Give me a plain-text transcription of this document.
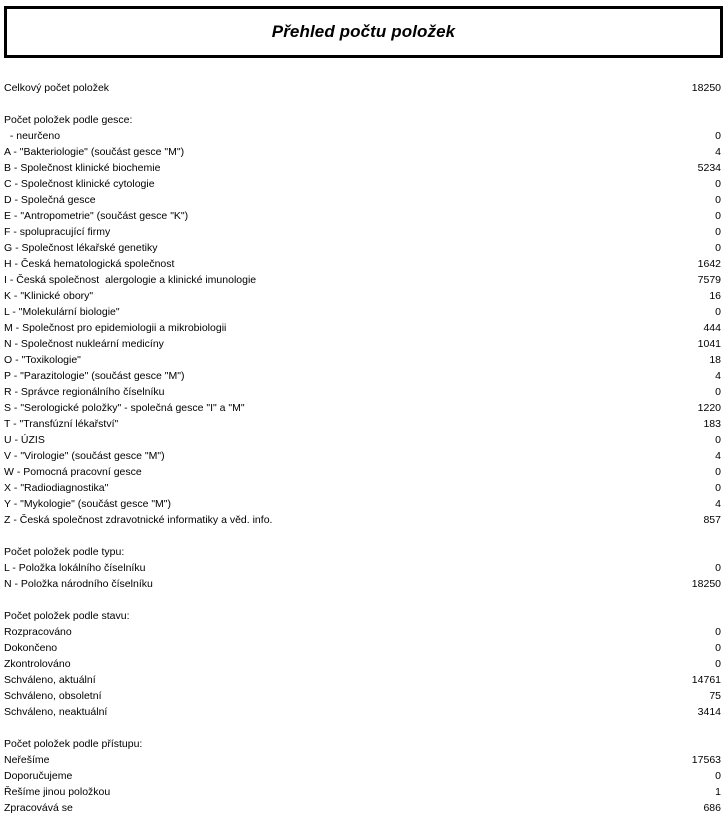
Přehled počtu položek
Celkový počet položek	18250
Počet položek podle gesce:
- neurčeno	0
A - "Bakteriologie" (součást gesce "M")	4
B - Společnost klinické biochemie	5234
C - Společnost klinické cytologie	0
D - Společná gesce	0
E - "Antropometrie" (součást gesce "K")	0
F - spolupracující firmy	0
G - Společnost lékařské genetiky	0
H - Česká hematologická společnost	1642
I - Česká společnost  alergologie a klinické imunologie	7579
K - "Klinické obory"	16
L - "Molekulární biologie"	0
M - Společnost pro epidemiologii a mikrobiologii	444
N - Společnost nukleární medicíny	1041
O - "Toxikologie"	18
P - "Parazitologie" (součást gesce "M")	4
R - Správce regionálního číselníku	0
S - "Serologické položky" - společná gesce "I" a "M"	1220
T - "Transfúzní lékařství"	183
U - ÚZIS	0
V - "Virologie" (součást gesce "M")	4
W - Pomocná pracovní gesce	0
X - "Radiodiagnostika"	0
Y - "Mykologie" (součást gesce "M")	4
Z - Česká společnost zdravotnické informatiky a věd. info.	857
Počet položek podle typu:
L - Položka lokálního číselníku	0
N - Položka národního číselníku	18250
Počet položek podle stavu:
Rozpracováno	0
Dokončeno	0
Zkontrolováno	0
Schváleno, aktuální	14761
Schváleno, obsoletní	75
Schváleno, neaktuální	3414
Počet položek podle přístupu:
Neřešíme	17563
Doporučujeme	0
Řešíme jinou položkou	1
Zpracovává se	686
